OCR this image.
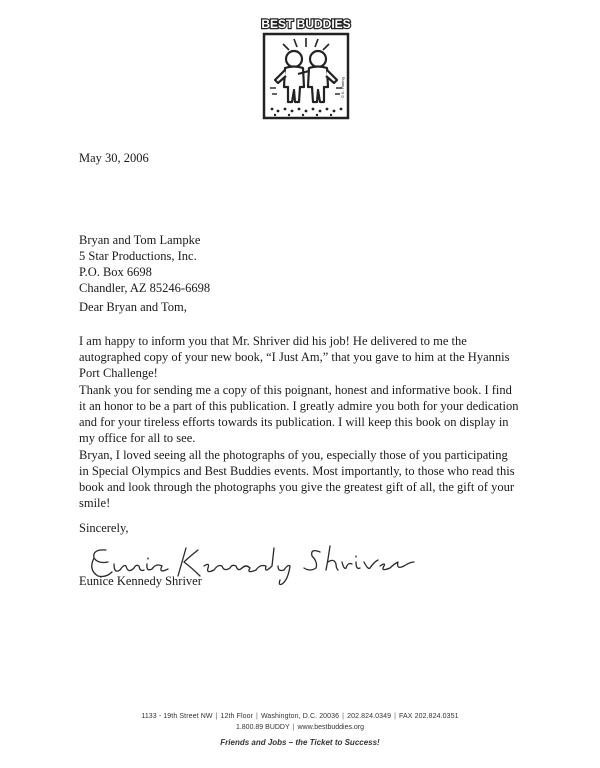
BEST BUDDIES
© K. Haring
May 30, 2006
Bryan and Tom Lampke
5 Star Productions, Inc.
P.O. Box 6698
Chandler, AZ 85246-6698
Dear Bryan and Tom,
I am happy to inform you that Mr. Shriver did his job! He delivered to me the autographed copy of your new book, “I Just Am,” that you gave to him at the Hyannis Port Challenge!
Thank you for sending me a copy of this poignant, honest and informative book. I find it an honor to be a part of this publication. I greatly admire you both for your dedication and for your tireless efforts towards its publication. I will keep this book on display in my office for all to see.
Bryan, I loved seeing all the photographs of you, especially those of you participating in Special Olympics and Best Buddies events. Most importantly, to those who read this book and look through the photographs you give the greatest gift of all, the gift of your smile!
Sincerely,
Eunice Kennedy Shriver
1133 - 19th Street NW | 12th Floor | Washington, D.C. 20036 | 202.824.0349 | FAX 202.824.0351
1.800.89 BUDDY | www.bestbuddies.org
Friends and Jobs – the Ticket to Success!
